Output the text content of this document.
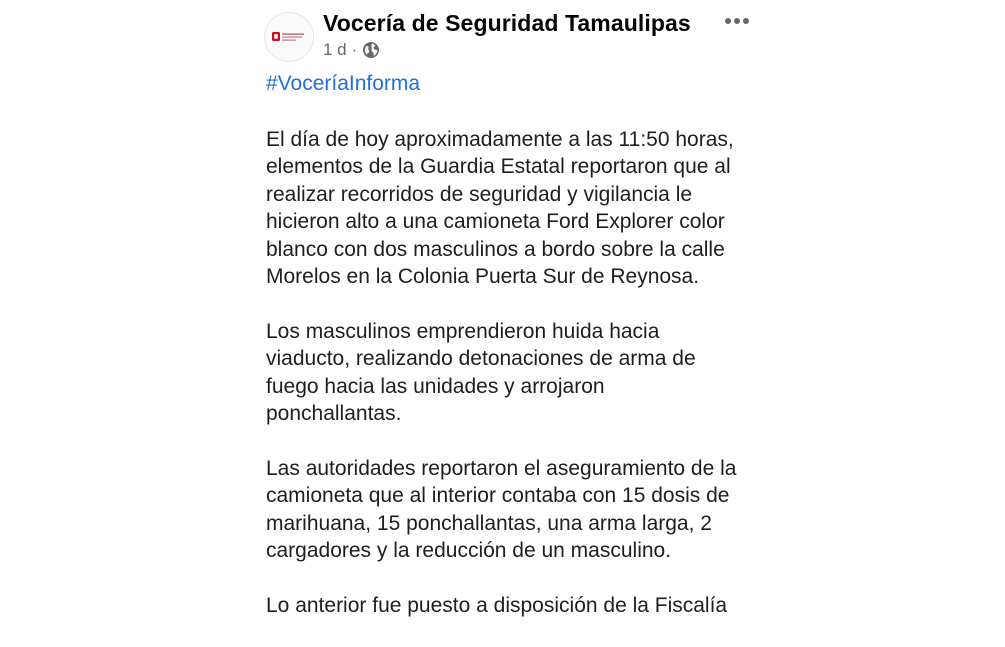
Vocería de Seguridad Tamaulipas
1 d ·
#VoceríaInforma

El día de hoy aproximadamente a las 11:50 horas,
elementos de la Guardia Estatal reportaron que al
realizar recorridos de seguridad y vigilancia le
hicieron alto a una camioneta Ford Explorer color
blanco con dos masculinos a bordo sobre la calle
Morelos en la Colonia Puerta Sur de Reynosa.

Los masculinos emprendieron huida hacia
viaducto, realizando detonaciones de arma de
fuego hacia las unidades y arrojaron
ponchallantas.

Las autoridades reportaron el aseguramiento de la
camioneta que al interior contaba con 15 dosis de
marihuana, 15 ponchallantas, una arma larga, 2
cargadores y la reducción de un masculino.

Lo anterior fue puesto a disposición de la Fiscalía
